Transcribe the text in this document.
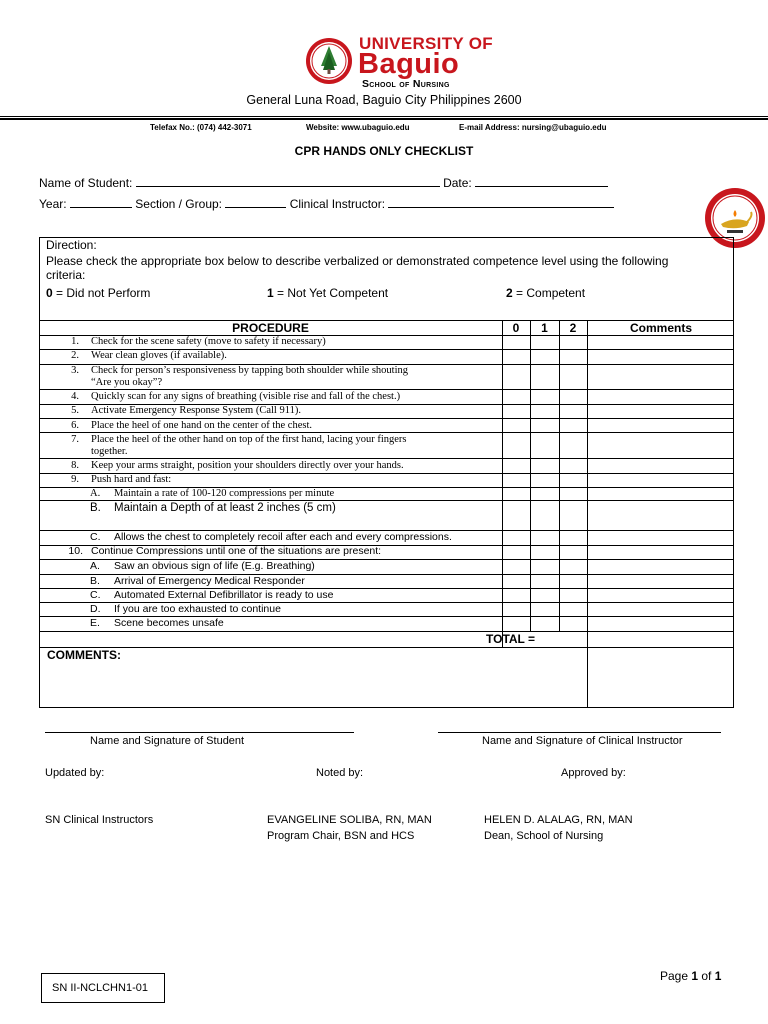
UNIVERSITY OF
Baguio
School of Nursing
General Luna Road, Baguio City Philippines 2600
Telefax No.: (074) 442-3071	Website: www.ubaguio.edu	E-mail Address: nursing@ubaguio.edu
CPR HANDS ONLY CHECKLIST
Name of Student:	Date:
Year:	Section / Group:	Clinical Instructor:
Direction:
Please check the appropriate box below to describe verbalized or demonstrated competence level using the following
criteria:
0 = Did not Perform	1 = Not Yet Competent	2 = Competent
PROCEDURE	0	1	2	Comments
1. Check for the scene safety (move to safety if necessary)
2. Wear clean gloves (if available).
3. Check for person’s responsiveness by tapping both shoulder while shouting
“Are you okay”?
4. Quickly scan for any signs of breathing (visible rise and fall of the chest.)
5. Activate Emergency Response System (Call 911).
6. Place the heel of one hand on the center of the chest.
7. Place the heel of the other hand on top of the first hand, lacing your fingers
together.
8. Keep your arms straight, position your shoulders directly over your hands.
9. Push hard and fast:
A. Maintain a rate of 100-120 compressions per minute
B. Maintain a Depth of at least 2 inches (5 cm)
C. Allows the chest to completely recoil after each and every compressions.
10. Continue Compressions until one of the situations are present:
A. Saw an obvious sign of life (E.g. Breathing)
B. Arrival of Emergency Medical Responder
C. Automated External Defibrillator is ready to use
D. If you are too exhausted to continue
E. Scene becomes unsafe
TOTAL =
COMMENTS:
Name and Signature of Student	Name and Signature of Clinical Instructor
Updated by:	Noted by:	Approved by:
SN Clinical Instructors	EVANGELINE SOLIBA, RN, MAN
Program Chair, BSN and HCS
HELEN D. ALALAG, RN, MAN
Dean, School of Nursing
SN II-NCLCHN1-01
Page 1 of 1
